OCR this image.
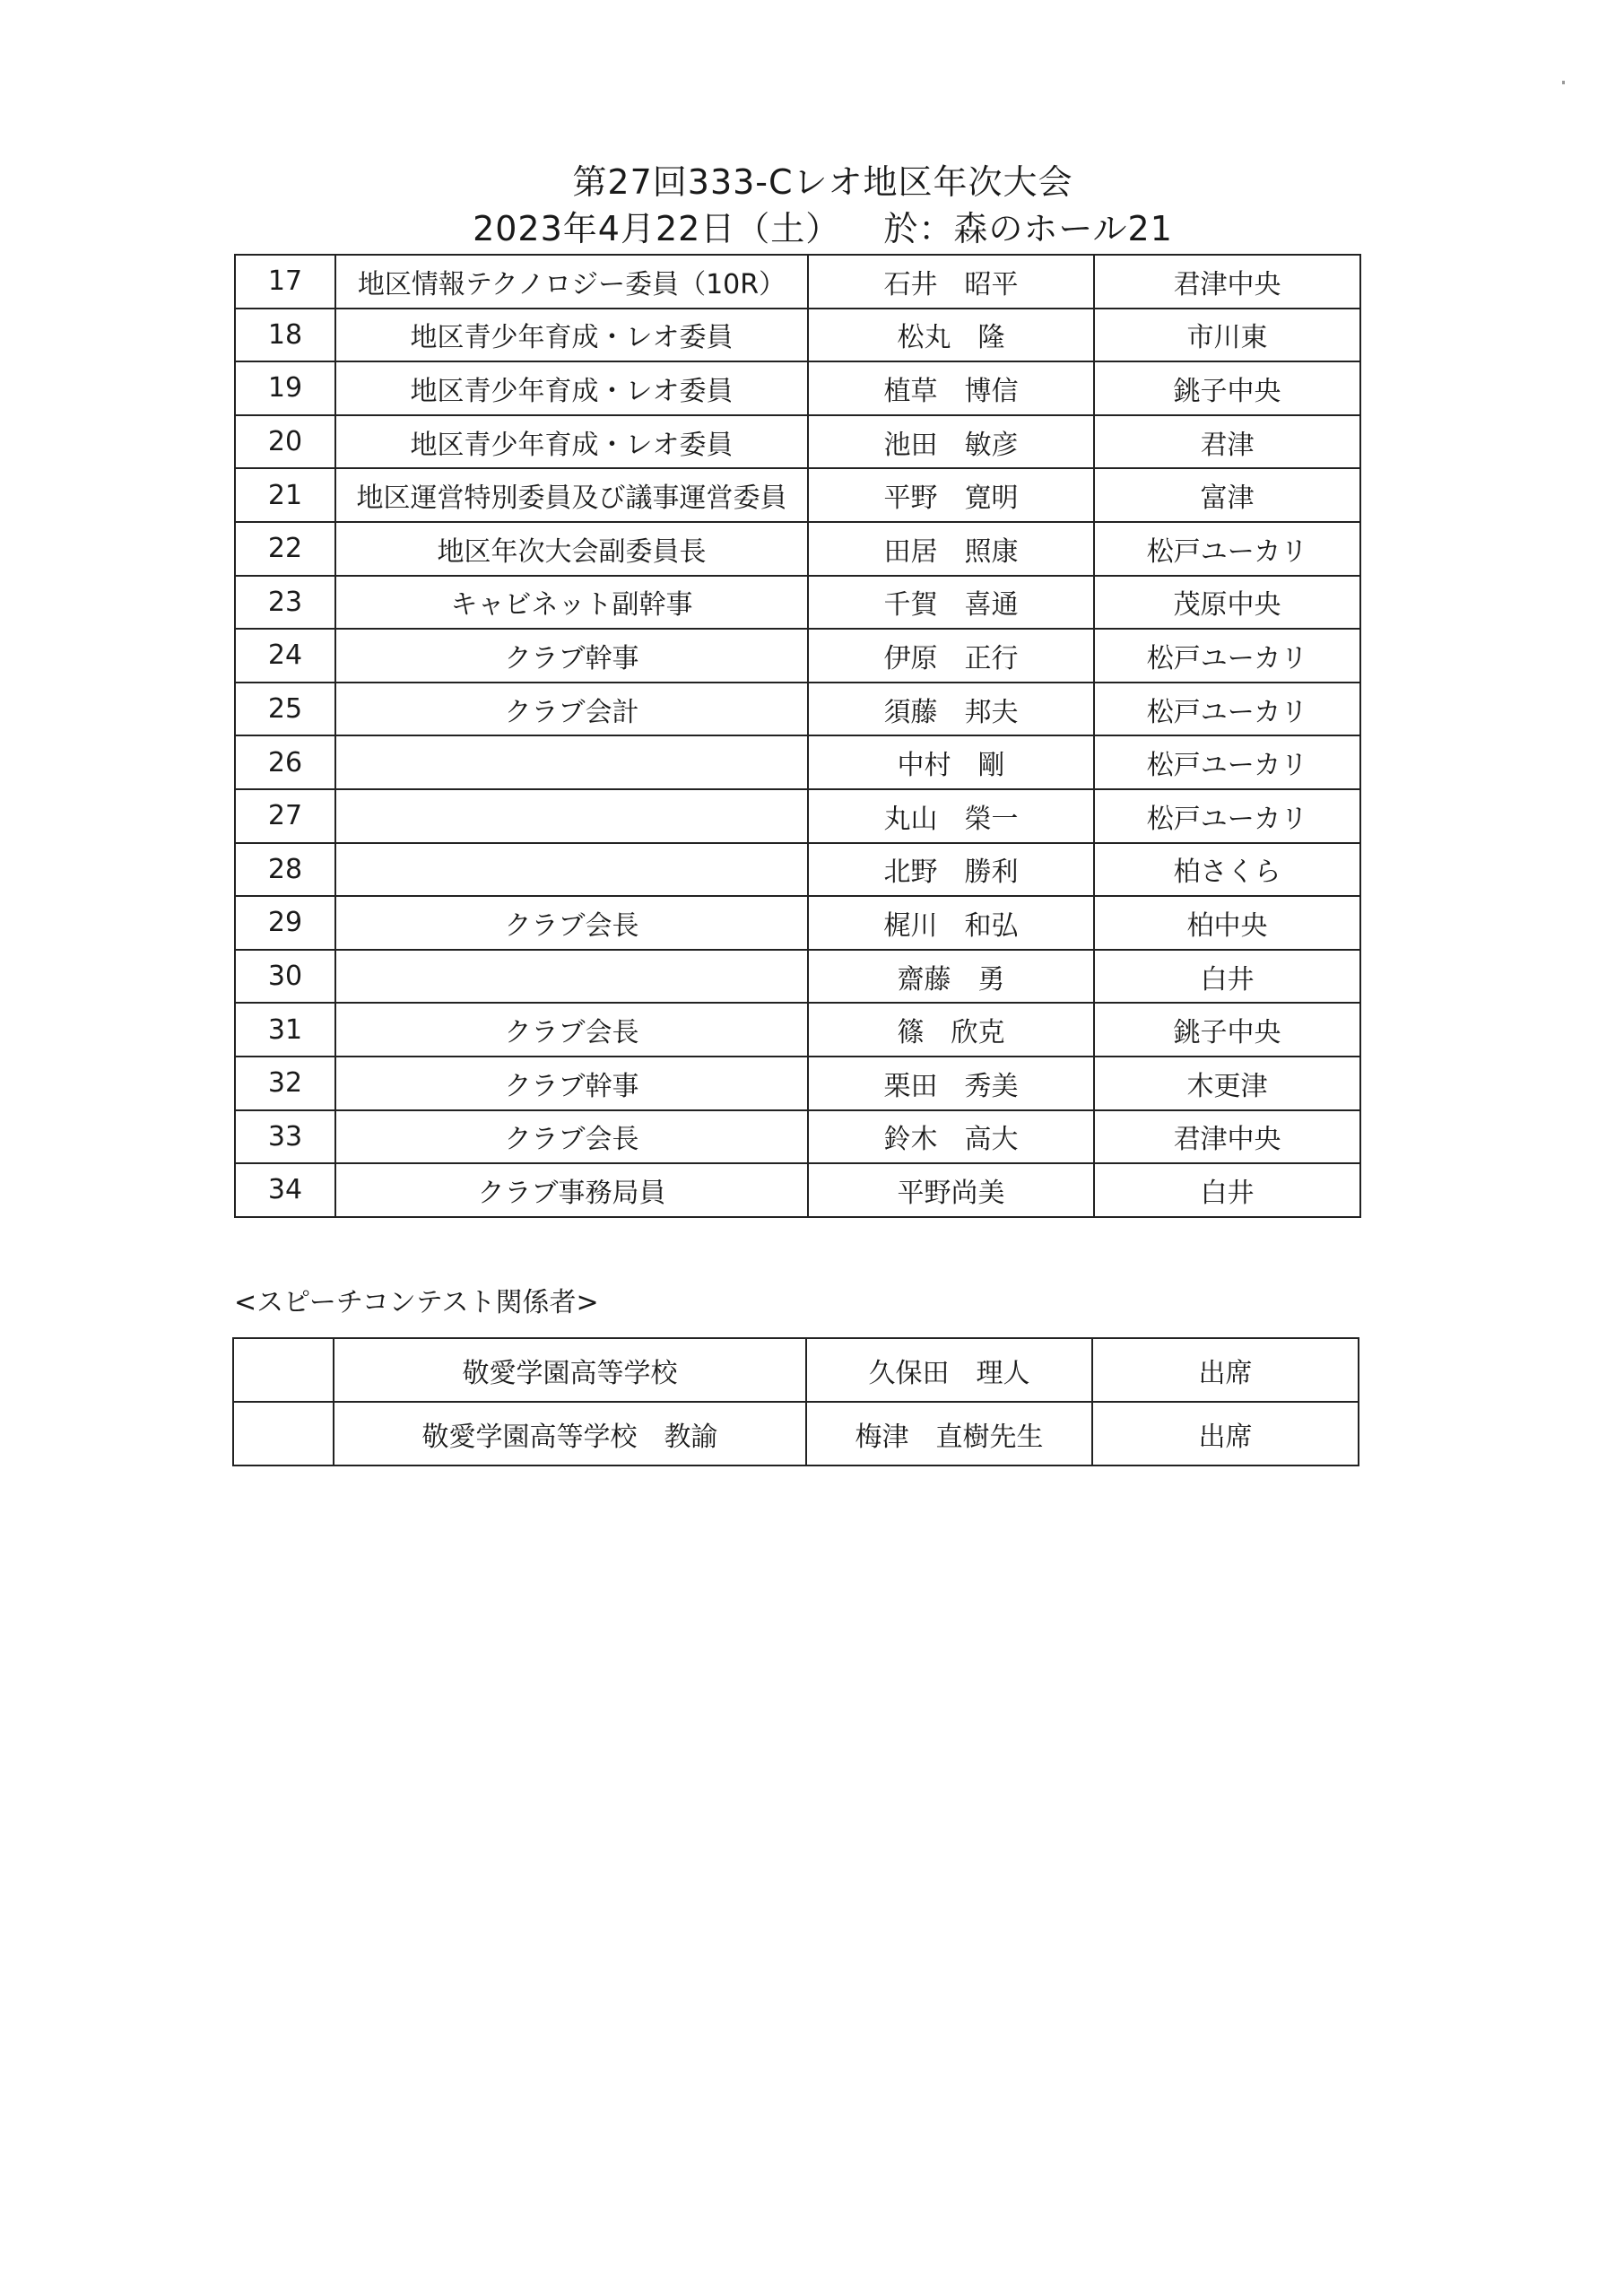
第27回333-Cレオ地区年次大会
2023年4月22日（土） 於：森のホール21
17	地区情報テクノロジー委員（10R）	石井　昭平	君津中央
18	地区青少年育成・レオ委員	松丸　隆	市川東
19	地区青少年育成・レオ委員	植草　博信	銚子中央
20	地区青少年育成・レオ委員	池田　敏彦	君津
21	地区運営特別委員及び議事運営委員	平野　寛明	富津
22	地区年次大会副委員長	田居　照康	松戸ユーカリ
23	キャビネット副幹事	千賀　喜通	茂原中央
24	クラブ幹事	伊原　正行	松戸ユーカリ
25	クラブ会計	須藤　邦夫	松戸ユーカリ
26		中村　剛	松戸ユーカリ
27		丸山　榮一	松戸ユーカリ
28		北野　勝利	柏さくら
29	クラブ会長	梶川　和弘	柏中央
30		齋藤　勇	白井
31	クラブ会長	篠　欣克	銚子中央
32	クラブ幹事	栗田　秀美	木更津
33	クラブ会長	鈴木　高大	君津中央
34	クラブ事務局員	平野尚美	白井
<スピーチコンテスト関係者>
	敬愛学園高等学校	久保田　理人	出席
	敬愛学園高等学校　教諭	梅津　直樹先生	出席
